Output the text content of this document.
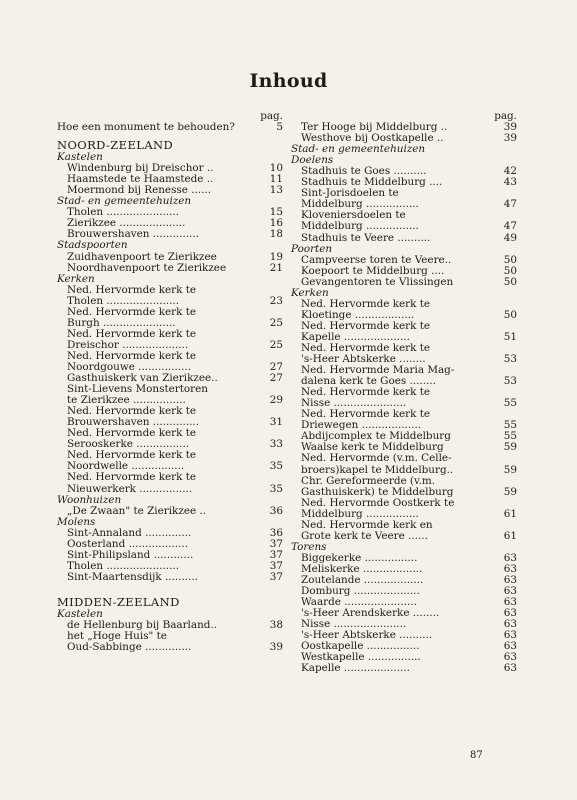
Inhoud
pag.
Hoe een monument te behouden?	5
NOORD-ZEELAND
Kastelen
Windenburg bij Dreischor ..	10
Haamstede te Haamstede ..	11
Moermond bij Renesse ......	13
Stad- en gemeentehuizen
Tholen ......................	15
Zierikzee ....................	16
Brouwershaven ..............	18
Stadspoorten
Zuidhavenpoort te Zierikzee	19
Noordhavenpoort te Zierikzee	21
Kerken
Ned. Hervormde kerk te
Tholen ......................	23
Ned. Hervormde kerk te
Burgh ......................	25
Ned. Hervormde kerk te
Dreischor ....................	25
Ned. Hervormde kerk te
Noordgouwe ................	27
Gasthuiskerk van Zierikzee..	27
Sint-Lievens Monstertoren
te Zierikzee ................	29
Ned. Hervormde kerk te
Brouwershaven ..............	31
Ned. Hervormde kerk te
Serooskerke ................	33
Ned. Hervormde kerk te
Noordwelle ................	35
Ned. Hervormde kerk te
Nieuwerkerk ................	35
Woonhuizen
„De Zwaan" te Zierikzee ..	36
Molens
Sint-Annaland ..............	36
Oosterland ..................	37
Sint-Philipsland ............	37
Tholen ......................	37
Sint-Maartensdijk ..........	37
MIDDEN-ZEELAND
Kastelen
de Hellenburg bij Baarland..	38
het „Hoge Huis" te
Oud-Sabbinge ..............	39
pag.
Ter Hooge bij Middelburg ..	39
Westhove bij Oostkapelle ..	39
Stad- en gemeentehuizen
Doelens
Stadhuis te Goes ..........	42
Stadhuis te Middelburg ....	43
Sint-Jorisdoelen te
Middelburg ................	47
Kloveniersdoelen te
Middelburg ................	47
Stadhuis te Veere ..........	49
Poorten
Campveerse toren te Veere..	50
Koepoort te Middelburg ....	50
Gevangentoren te Vlissingen	50
Kerken
Ned. Hervormde kerk te
Kloetinge ..................	50
Ned. Hervormde kerk te
Kapelle ....................	51
Ned. Hervormde kerk te
's-Heer Abtskerke ........	53
Ned. Hervormde Maria Mag-
dalena kerk te Goes ........	53
Ned. Hervormde kerk te
Nisse ......................	55
Ned. Hervormde kerk te
Driewegen ..................	55
Abdijcomplex te Middelburg	55
Waalse kerk te Middelburg	59
Ned. Hervormde (v.m. Celle-
broers)kapel te Middelburg..	59
Chr. Gereformeerde (v.m.
Gasthuiskerk) te Middelburg	59
Ned. Hervormde Oostkerk te
Middelburg ................	61
Ned. Hervormde kerk en
Grote kerk te Veere ......	61
Torens
Biggekerke ................	63
Meliskerke ..................	63
Zoutelande ..................	63
Domburg ....................	63
Waarde ......................	63
's-Heer Arendskerke ........	63
Nisse ......................	63
's-Heer Abtskerke ..........	63
Oostkapelle ................	63
Westkapelle ................	63
Kapelle ....................	63
87
